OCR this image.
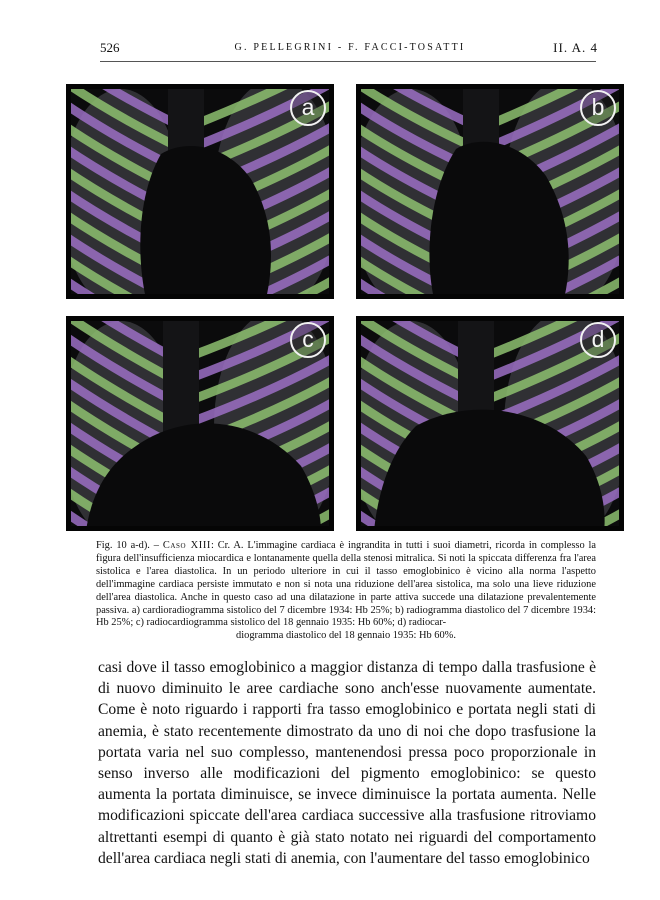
526	G. PELLEGRINI - F. FACCI-TOSATTI	II. A. 4
a	b
c	d
Fig. 10 a-d). – Caso XIII: Cr. A. L'immagine cardiaca è ingrandita in tutti i suoi diametri, ricorda in complesso la figura dell'insufficienza miocardica e lontanamente quella della stenosi mitralica. Si noti la spiccata differenza fra l'area sistolica e l'area diastolica. In un periodo ulteriore in cui il tasso emoglobinico è vicino alla norma l'aspetto dell'immagine cardiaca persiste immutato e non si nota una riduzione dell'area sistolica, ma solo una lieve riduzione dell'area diastolica. Anche in questo caso ad una dilatazione in parte attiva succede una dilatazione prevalentemente passiva. a) cardioradiogramma sistolico del 7 dicembre 1934: Hb 25%; b) radiogramma diastolico del 7 dicembre 1934: Hb 25%; c) radiocardiogramma sistolico del 18 gennaio 1935: Hb 60%; d) radiocar-
diogramma diastolico del 18 gennaio 1935: Hb 60%.

casi dove il tasso emoglobinico a maggior distanza di tempo dalla trasfusione è di nuovo diminuito le aree cardiache sono anch'esse nuovamente aumentate. Come è noto riguardo i rapporti fra tasso emoglobinico e portata negli stati di anemia, è stato recentemente dimostrato da uno di noi che dopo trasfusione la portata varia nel suo complesso, mantenendosi pressa poco proporzionale in senso inverso alle modificazioni del pigmento emoglobinico: se questo aumenta la portata diminuisce, se invece diminuisce la portata aumenta. Nelle modificazioni spiccate dell'area cardiaca successive alla trasfusione ritroviamo altrettanti esempi di quanto è già stato notato nei riguardi del comportamento dell'area cardiaca negli stati di anemia, con l'aumentare del tasso emoglobinico
